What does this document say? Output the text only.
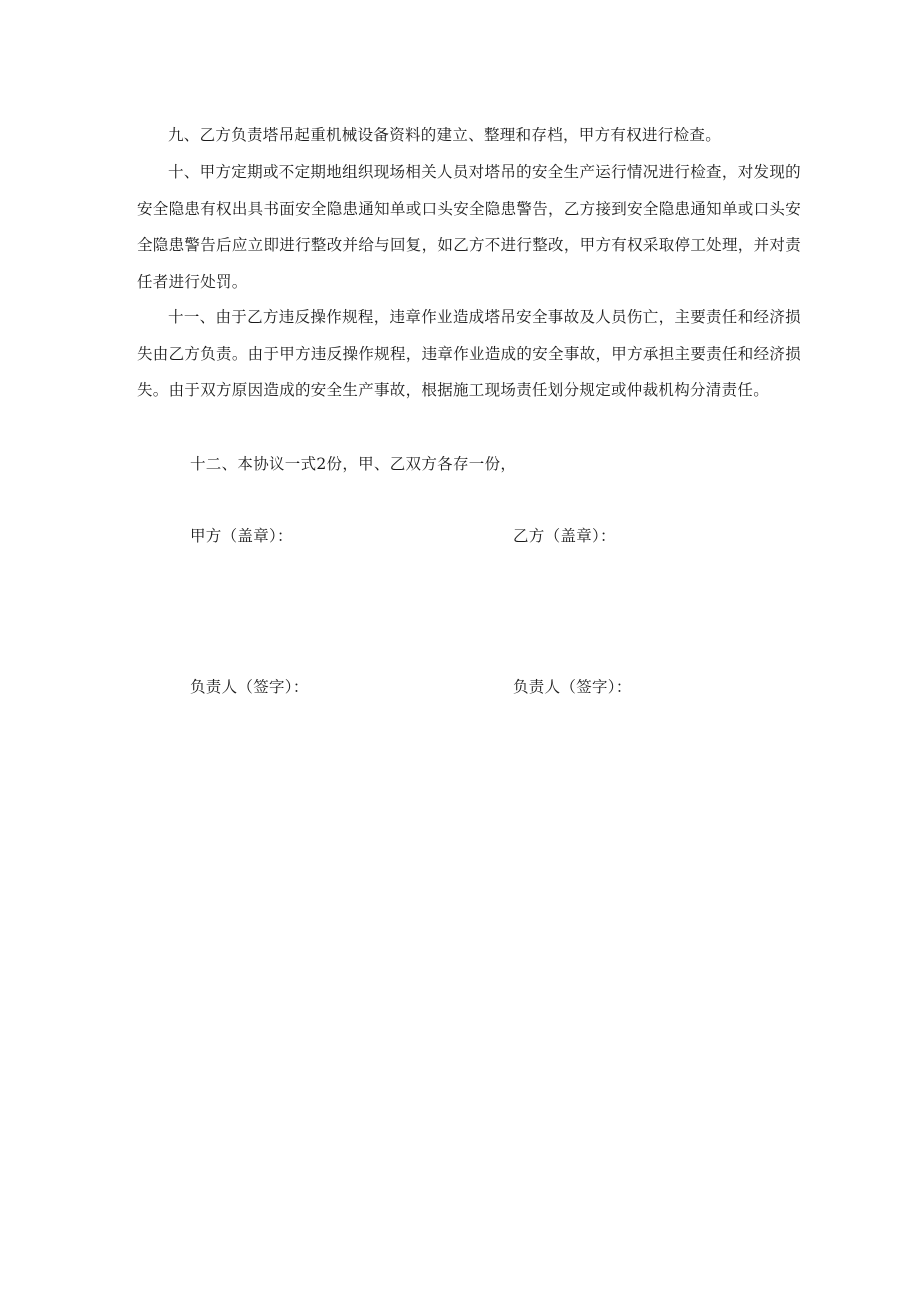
九、乙方负责塔吊起重机械设备资料的建立、整理和存档，甲方有权进行检查。

十、甲方定期或不定期地组织现场相关人员对塔吊的安全生产运行情况进行检查，对发现的安全隐患有权出具书面安全隐患通知单或口头安全隐患警告，乙方接到安全隐患通知单或口头安全隐患警告后应立即进行整改并给与回复，如乙方不进行整改，甲方有权采取停工处理，并对责任者进行处罚。

十一、由于乙方违反操作规程，违章作业造成塔吊安全事故及人员伤亡，主要责任和经济损失由乙方负责。由于甲方违反操作规程，违章作业造成的安全事故，甲方承担主要责任和经济损失。由于双方原因造成的安全生产事故，根据施工现场责任划分规定或仲裁机构分清责任。

十二、本协议一式2份，甲、乙双方各存一份，

甲方（盖章）：	乙方（盖章）：

负责人（签字）：	负责人（签字）：
